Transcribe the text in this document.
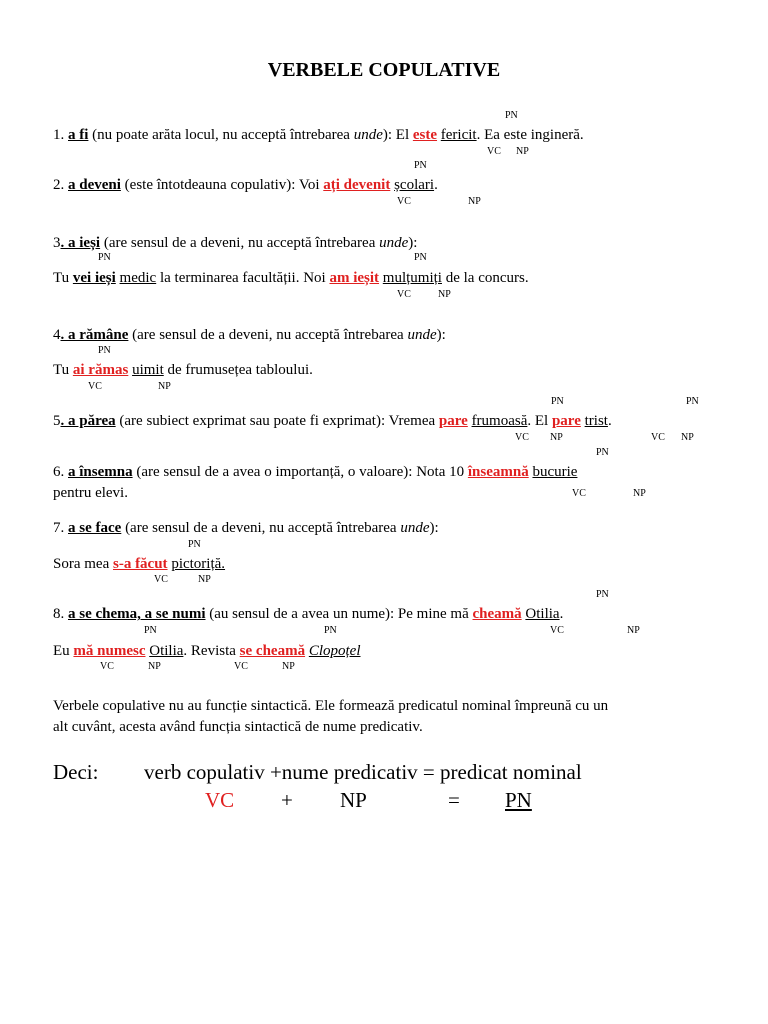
VERBELE COPULATIVE
PN
1. a fi (nu poate arăta locul, nu acceptă întrebarea unde): El este fericit. Ea este ingineră.
VC NP
PN
2. a deveni (este întotdeauna copulativ): Voi ați devenit școlari.
VC	NP
3. a ieși (are sensul de a deveni, nu acceptă întrebarea unde):
PN	PN
Tu vei ieși medic la terminarea facultății. Noi am ieșit mulțumiți de la concurs.
VC	NP
4. a rămâne (are sensul de a deveni, nu acceptă întrebarea unde):
PN
Tu ai rămas uimit de frumusețea tabloului.
VC	NP
PN	PN
5. a părea (are subiect exprimat sau poate fi exprimat): Vremea pare frumoasă. El pare trist.
VC NP	VC NP
PN
6. a însemna (are sensul de a avea o importanță, o valoare): Nota 10 înseamnă bucurie
pentru elevi.	VC	NP
7. a se face (are sensul de a deveni, nu acceptă întrebarea unde):
PN
Sora mea s-a făcut pictoriță.
VC	NP
PN
8. a se chema, a se numi (au sensul de a avea un nume): Pe mine mă cheamă Otilia.
PN	PN	VC	NP
Eu mă numesc Otilia. Revista se cheamă Clopoțel
VC	NP	VC	NP
Verbele copulative nu au funcție sintactică. Ele formează predicatul nominal împreună cu un
alt cuvânt, acesta având funcția sintactică de nume predicativ.
Deci: verb copulativ +nume predicativ = predicat nominal
VC + NP	= PN
